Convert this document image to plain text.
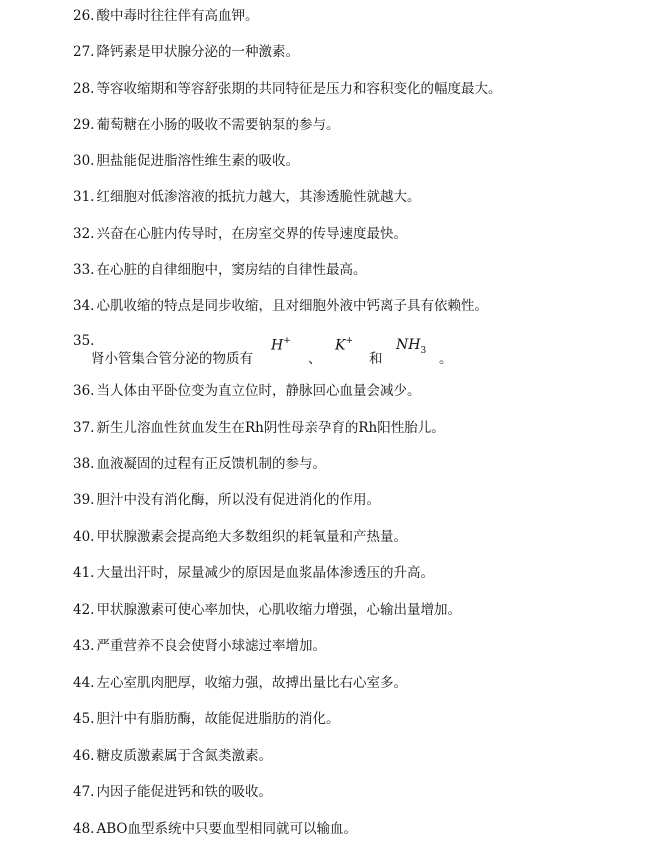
26. 酸中毒时往往伴有高血钾。
27. 降钙素是甲状腺分泌的一种激素。
28. 等容收缩期和等容舒张期的共同特征是压力和容积变化的幅度最大。
29. 葡萄糖在小肠的吸收不需要钠泵的参与。
30. 胆盐能促进脂溶性维生素的吸收。
31. 红细胞对低渗溶液的抵抗力越大，其渗透脆性就越大。
32. 兴奋在心脏内传导时，在房室交界的传导速度最快。
33. 在心脏的自律细胞中，窦房结的自律性最高。
34. 心肌收缩的特点是同步收缩，且对细胞外液中钙离子具有依赖性。
35.
肾小管集合管分泌的物质有
H+
、
K+
和
$NH_3$
。
36. 当人体由平卧位变为直立位时，静脉回心血量会减少。
37. 新生儿溶血性贫血发生在Rh阴性母亲孕育的Rh阳性胎儿。
38. 血液凝固的过程有正反馈机制的参与。
39. 胆汁中没有消化酶，所以没有促进消化的作用。
40. 甲状腺激素会提高绝大多数组织的耗氧量和产热量。
41. 大量出汗时，尿量减少的原因是血浆晶体渗透压的升高。
42. 甲状腺激素可使心率加快，心肌收缩力增强，心输出量增加。
43. 严重营养不良会使肾小球滤过率增加。
44. 左心室肌肉肥厚，收缩力强，故搏出量比右心室多。
45. 胆汁中有脂肪酶，故能促进脂肪的消化。
46. 糖皮质激素属于含氮类激素。
47. 内因子能促进钙和铁的吸收。
48. ABO血型系统中只要血型相同就可以输血。
